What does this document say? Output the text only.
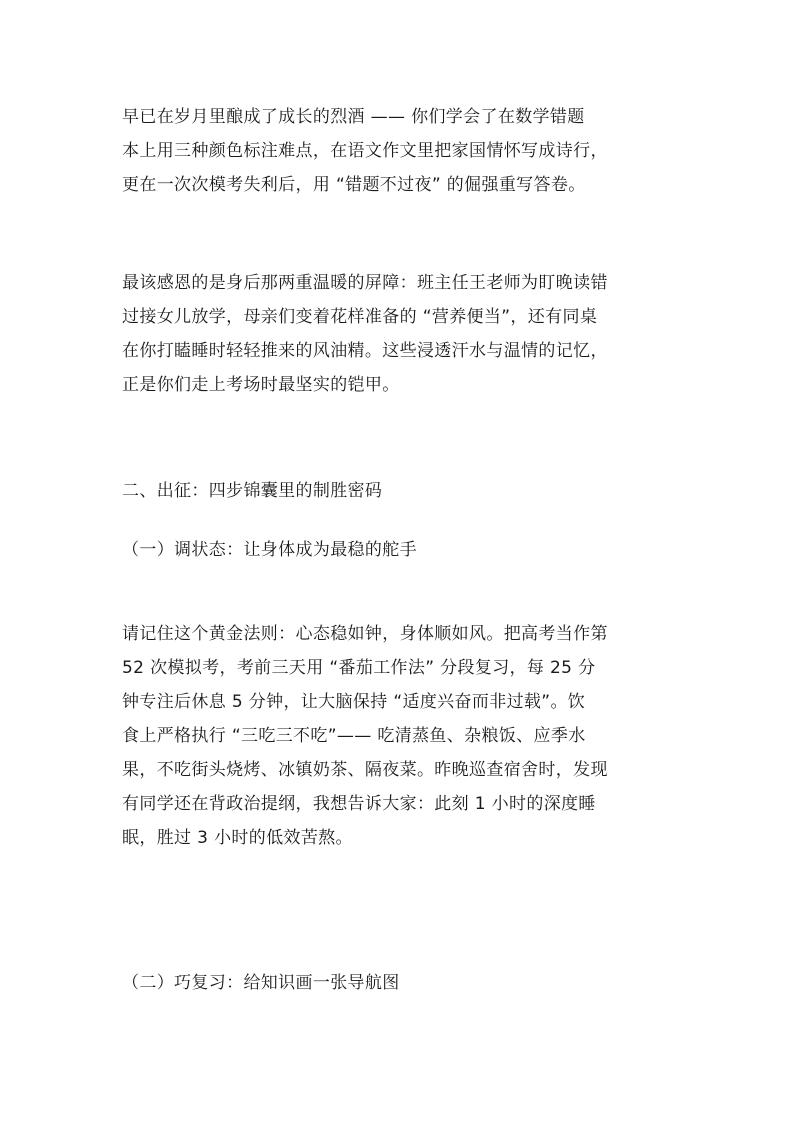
早已在岁月里酿成了成长的烈酒 —— 你们学会了在数学错题
本上用三种颜色标注难点，在语文作文里把家国情怀写成诗行，
更在一次次模考失利后，用 “错题不过夜” 的倔强重写答卷。
最该感恩的是身后那两重温暖的屏障：班主任王老师为盯晚读错
过接女儿放学，母亲们变着花样准备的 “营养便当”，还有同桌
在你打瞌睡时轻轻推来的风油精。这些浸透汗水与温情的记忆，
正是你们走上考场时最坚实的铠甲。
二、出征：四步锦囊里的制胜密码
（一）调状态：让身体成为最稳的舵手
请记住这个黄金法则：心态稳如钟，身体顺如风。把高考当作第
52 次模拟考，考前三天用 “番茄工作法” 分段复习，每 25 分
钟专注后休息 5 分钟，让大脑保持 “适度兴奋而非过载”。饮
食上严格执行 “三吃三不吃”—— 吃清蒸鱼、杂粮饭、应季水
果，不吃街头烧烤、冰镇奶茶、隔夜菜。昨晚巡查宿舍时，发现
有同学还在背政治提纲，我想告诉大家：此刻 1 小时的深度睡
眠，胜过 3 小时的低效苦熬。
（二）巧复习：给知识画一张导航图
